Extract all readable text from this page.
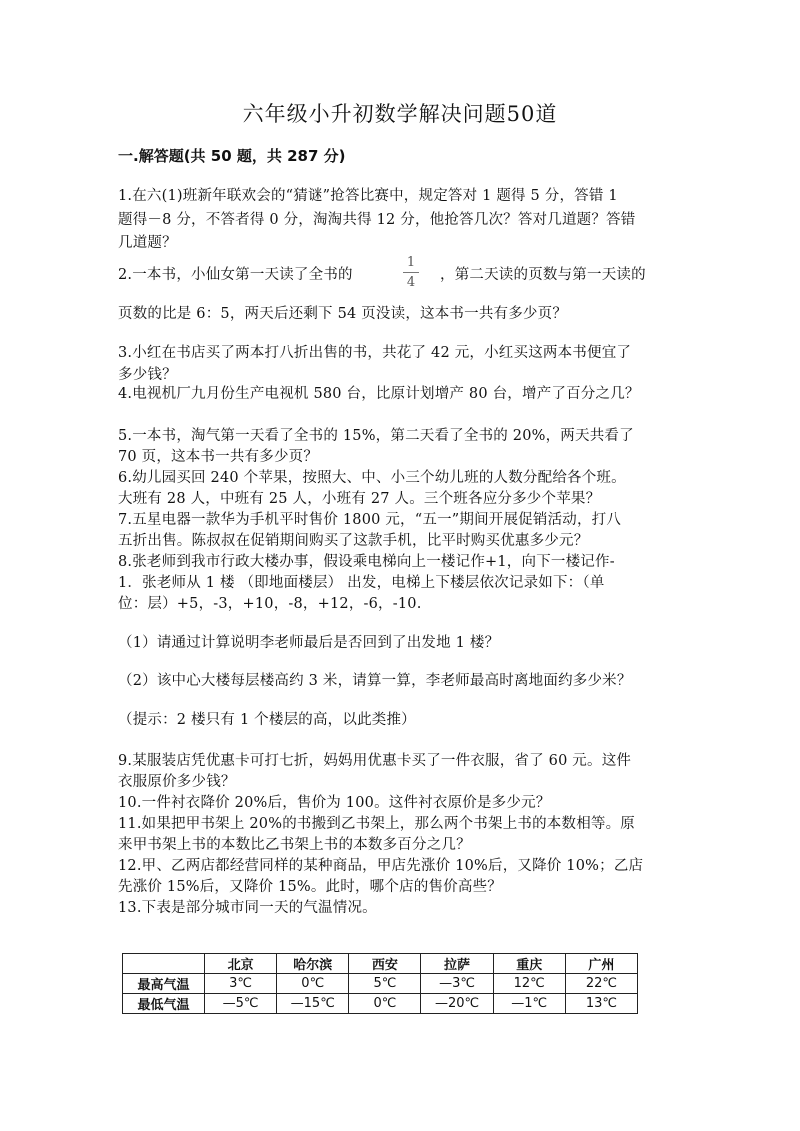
六年级小升初数学解决问题50道
一.解答题(共 50 题，共 287 分)
1.在六(1)班新年联欢会的“猜谜”抢答比赛中，规定答对 1 题得 5 分，答错 1
题得－8 分，不答者得 0 分，淘淘共得 12 分，他抢答几次？答对几道题？答错
几道题？
2.一本书，小仙女第一天读了全书的
1
4 ，第二天读的页数与第一天读的
页数的比是 6：5，两天后还剩下 54 页没读，这本书一共有多少页？
3.小红在书店买了两本打八折出售的书，共花了 42 元，小红买这两本书便宜了
多少钱？
4.电视机厂九月份生产电视机 580 台，比原计划增产 80 台，增产了百分之几？
5.一本书，淘气第一天看了全书的 15%，第二天看了全书的 20%，两天共看了
70 页，这本书一共有多少页？
6.幼儿园买回 240 个苹果，按照大、中、小三个幼儿班的人数分配给各个班。
大班有 28 人，中班有 25 人，小班有 27 人。三个班各应分多少个苹果？
7.五星电器一款华为手机平时售价 1800 元，“五一”期间开展促销活动，打八
五折出售。陈叔叔在促销期间购买了这款手机，比平时购买优惠多少元？
8.张老师到我市行政大楼办事，假设乘电梯向上一楼记作+1，向下一楼记作-
1．张老师从 1 楼 （即地面楼层） 出发，电梯上下楼层依次记录如下：（单
位：层）+5，-3，+10，-8，+12，-6，-10.
（1）请通过计算说明李老师最后是否回到了出发地 1 楼？
（2）该中心大楼每层楼高约 3 米，请算一算，李老师最高时离地面约多少米？
（提示：2 楼只有 1 个楼层的高，以此类推）
9.某服装店凭优惠卡可打七折，妈妈用优惠卡买了一件衣服，省了 60 元。这件
衣服原价多少钱？
10.一件衬衣降价 20%后，售价为 100。这件衬衣原价是多少元？
11.如果把甲书架上 20%的书搬到乙书架上，那么两个书架上书的本数相等。原
来甲书架上书的本数比乙书架上书的本数多百分之几？
12.甲、乙两店都经营同样的某种商品，甲店先涨价 10%后，又降价 10%；乙店
先涨价 15%后，又降价 15%。此时，哪个店的售价高些？
13.下表是部分城市同一天的气温情况。
	北京	哈尔滨	西安	拉萨	重庆	广州
最高气温	3℃	0℃	5℃	—3℃	12℃	22℃
最低气温	—5℃	—15℃	0℃	—20℃	—1℃	13℃
